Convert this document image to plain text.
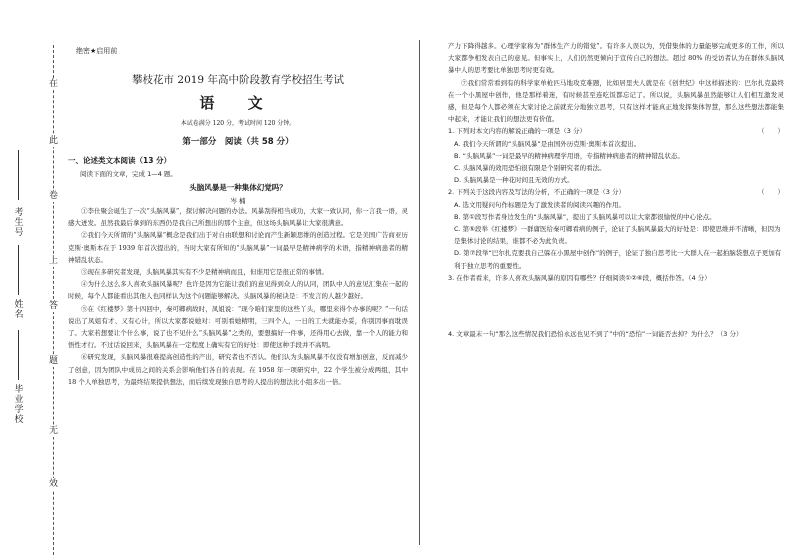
在
此
卷
上
答
题
无
效
考生号
姓名
毕业学校
绝密★启用前
攀枝花市 2019 年高中阶段教育学校招生考试
语 文
本试卷满分 120 分，考试时间 120 分钟。
第一部分　阅读（共 58 分）
一、论述类文本阅读（13 分）
阅读下面的文章，完成 1—4 题。
头脑风暴是一种集体幻觉吗？
岑 楠

①李仕聚会诞生了一次“头脑风暴”，探讨解决问题的办法。风暴刮得相当成功，大家一致认同，你一言我一语，灵感大迸发。虽然我最后拿到的东西仍是我自己所想出的那个主意，但这场头脑风暴让大家很满意。

②我们今天所谓的“头脑风暴”概念是我们出于对自由联想和讨论而产生新颖思维的创造过程。它是美国广告商亚历克斯·奥斯本在于 1939 年首次提出的，当时大家有所知的“头脑风暴”一词最早是精神病学的术语，指精神病患者的精神错乱状态。

③现在多研究者发现，头脑风暴其实有不少是精神病而且，但谁用它是很正常的事情。

④为什么这么多人喜欢头脑风暴呢？也许是因为它能让我们的意见得到众人的认同，团队中人的意见汇集在一起的时候，每个人都能看出其他人也同样认为这个问题能够解决。头脑风暴的秘诀是：不发言的人越少越好。

⑤在《红楼梦》第十四回中，秦可卿病故时，凤姐说：“现今咱们家里的这些丫头，哪里来得个办事的呢？”一句话说出了凤姐有才、又有心计，所以大家都说她对：可别看她精明，三四个人，一日的工夫就能办妥，你别因事而耽误了。大家若想要让个什么事，说了也不见什么“头脑风暴”之类的，要想搞好一件事，还得用心去做，靠一个人的能力和悟性才行。不过话说回来，头脑风暴在一定程度上确实有它的好处：即使这种手段并不高明。

⑥研究发现，头脑风暴很难提高创造性的产出，研究者也不否认。他们认为头脑风暴不仅没有增加创意，反而减少了创意，因为团队中成员之间的关系会影响他们各自的表现。在 1958 年一项研究中，22 个学生被分成两组，其中 18 个人单独思考，为最终结果提供想法，而后续发现独自思考的人提出的想法比小组多出一倍。

产力下降得越多。心理学家称为“群体生产力的错觉”。有许多人误以为，凭借集体的力量能够完成更多的工作，所以大家都争相发表自己的意见。但事实上，人们仍然更倾向于宣传自己的想法。超过 80% 的受访者认为在群体头脑风暴中人的思考要比单独思考时更有效。

⑦我们常常看到有的科学家单枪匹马地攻克难题，比如居里夫人就是在《创世纪》中这样描述的：巴尔扎克最终在一个小黑屋中创作，他是那样着迷，有时候甚至连吃饭都忘记了。所以说，头脑风暴虽然能够让人们相互激发灵感，但是每个人都必须在大家讨论之前就充分地独立思考，只有这样才能真正地发挥集体智慧，那么这些想法都能集中起来，才能让我们的想法更有价值。

1. 下列对本文内容的解说正确的一项是（3 分）	（　　）

A. 我们今天所谓的“头脑风暴”是由国外历克斯·奥斯本首次提出。

B. “头脑风暴”一词是最早的精神病理学用语，专指精神病患者的精神错乱状态。

C. 头脑风暴的效用恐怕很有限是个别研究者的看法。

D. 头脑风暴是一种花时间且无效的方式。

2. 下列关于这段内容及写法的分析，不正确的一项是（3 分）	（　　）

A. 选文用疑问句作标题是为了激发读者的阅读兴趣的作用。

B. 第①段写作者身边发生的“头脑风暴”，提出了头脑风暴可以让大家都很愉悦的中心论点。

C. 第⑤段举《红楼梦》一群庸医给秦可卿看病的例子，论证了头脑风暴最大的好处是：即使思维并不清晰，但因为是集体讨论的结果，谁都不必为此负责。

D. 第⑦段举“巴尔扎克要我自己躲在小黑屋中创作”的例子，论证了独自思考比一大群人在一起拍脑袋想点子更加有利于独立思考的重要性。

3. 在作者看来，许多人喜欢头脑风暴的原因有哪些？仔细阅读①②⑥段，概括作答。（4 分）

4. 文章最末一句“那么这些情况我们恐怕永远也见不到了”中的“恐怕”一词能否去掉？为什么？（3 分）
